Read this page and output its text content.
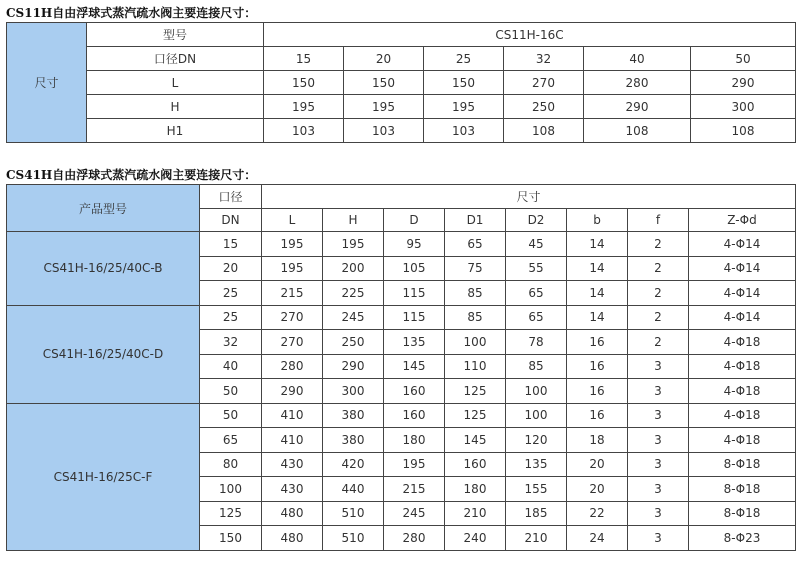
CS11H自由浮球式蒸汽疏水阀主要连接尺寸：
尺寸	型号	CS11H-16C					
	口径DN	15	20	25	32	40	50
	L	150	150	150	270	280	290
	H	195	195	195	250	290	300
	H1	103	103	103	108	108	108
CS41H自由浮球式蒸汽疏水阀主要连接尺寸：
产品型号	口径	尺寸							
	DN	L	H	D	D1	D2	b	f	Z-Φd
CS41H-16/25/40C-B	15	195	195	95	65	45	14	2	4-Φ14
	20	195	200	105	75	55	14	2	4-Φ14
	25	215	225	115	85	65	14	2	4-Φ14
CS41H-16/25/40C-D	25	270	245	115	85	65	14	2	4-Φ14
	32	270	250	135	100	78	16	2	4-Φ18
	40	280	290	145	110	85	16	3	4-Φ18
	50	290	300	160	125	100	16	3	4-Φ18
CS41H-16/25C-F	50	410	380	160	125	100	16	3	4-Φ18
	65	410	380	180	145	120	18	3	4-Φ18
	80	430	420	195	160	135	20	3	8-Φ18
	100	430	440	215	180	155	20	3	8-Φ18
	125	480	510	245	210	185	22	3	8-Φ18
	150	480	510	280	240	210	24	3	8-Φ23
